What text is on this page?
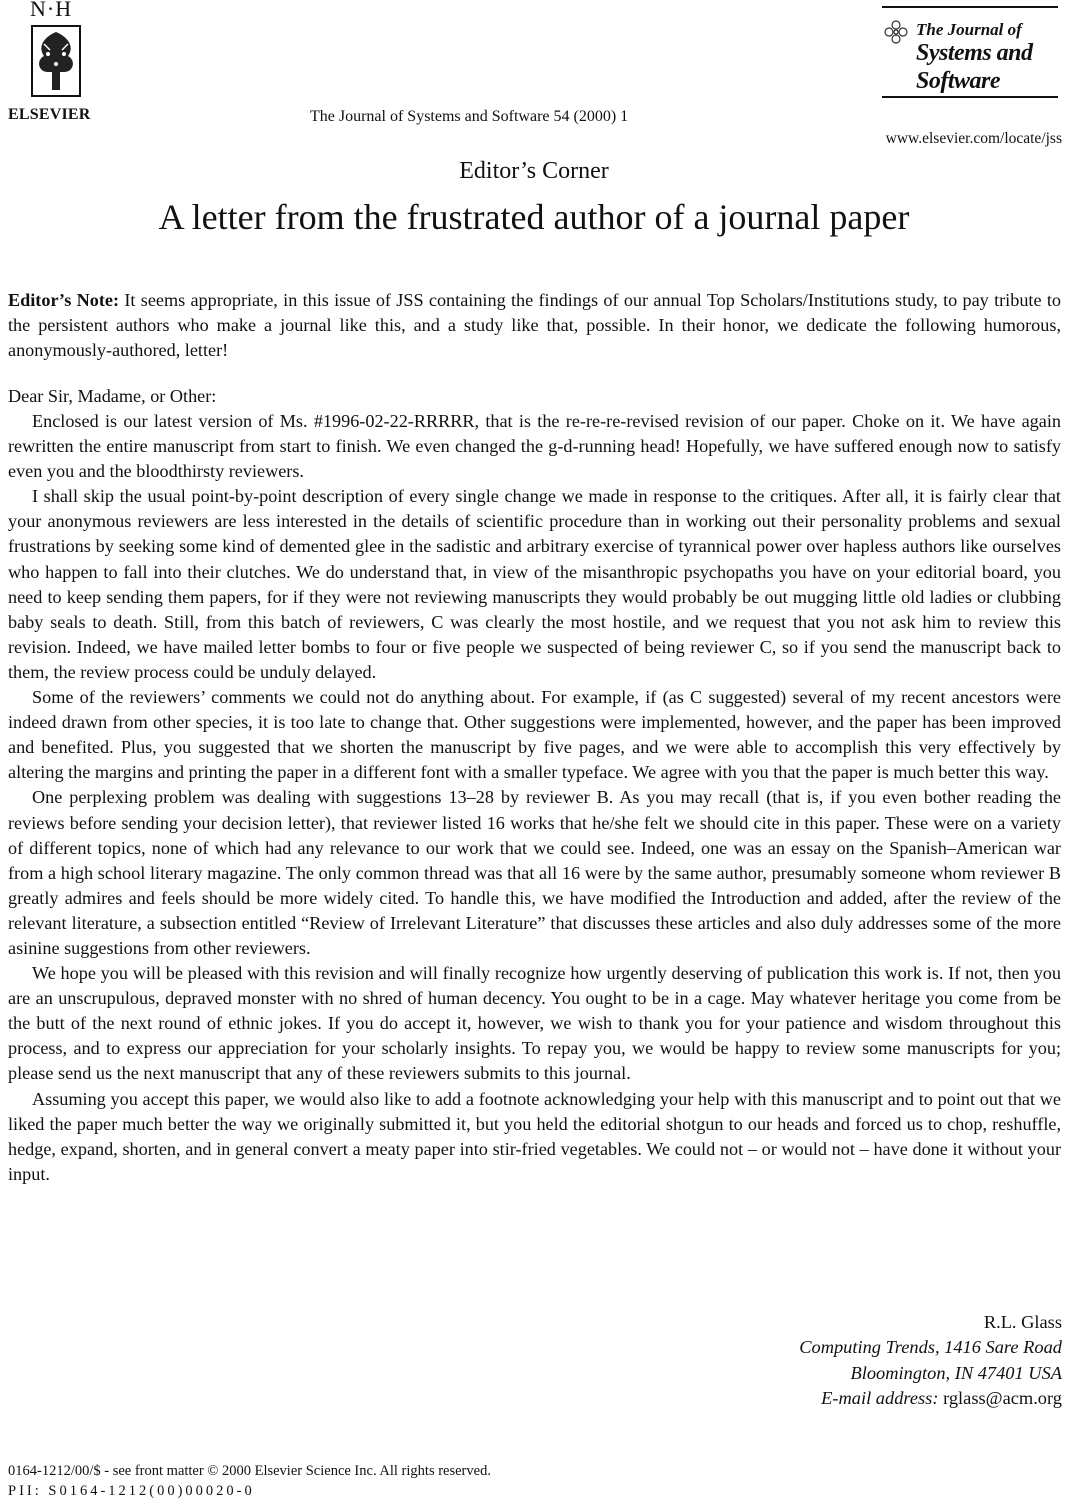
N·H
ELSEVIER	The Journal of Systems and Software 54 (2000) 1
The Journal of
Systems and
Software
www.elsevier.com/locate/jss
Editor’s Corner
A letter from the frustrated author of a journal paper
Editor’s Note: It seems appropriate, in this issue of JSS containing the findings of our annual Top Scholars/Institutions study, to pay tribute to the persistent authors who make a journal like this, and a study like that, possible. In their honor, we dedicate the following humorous, anonymously-authored, letter!
Dear Sir, Madame, or Other:

Enclosed is our latest version of Ms. #1996-02-22-RRRRR, that is the re-re-re-revised revision of our paper. Choke on it. We have again rewritten the entire manuscript from start to finish. We even changed the g-d-running head! Hopefully, we have suffered enough now to satisfy even you and the bloodthirsty reviewers.

I shall skip the usual point-by-point description of every single change we made in response to the critiques. After all, it is fairly clear that your anonymous reviewers are less interested in the details of scientific procedure than in working out their personality problems and sexual frustrations by seeking some kind of demented glee in the sadistic and arbitrary exercise of tyrannical power over hapless authors like ourselves who happen to fall into their clutches. We do understand that, in view of the misanthropic psychopaths you have on your editorial board, you need to keep sending them papers, for if they were not reviewing manuscripts they would probably be out mugging little old ladies or clubbing baby seals to death. Still, from this batch of reviewers, C was clearly the most hostile, and we request that you not ask him to review this revision. Indeed, we have mailed letter bombs to four or five people we suspected of being reviewer C, so if you send the manuscript back to them, the review process could be unduly delayed.

Some of the reviewers’ comments we could not do anything about. For example, if (as C suggested) several of my recent ancestors were indeed drawn from other species, it is too late to change that. Other suggestions were implemented, however, and the paper has been improved and benefited. Plus, you suggested that we shorten the manuscript by five pages, and we were able to accomplish this very effectively by altering the margins and printing the paper in a different font with a smaller typeface. We agree with you that the paper is much better this way.

One perplexing problem was dealing with suggestions 13–28 by reviewer B. As you may recall (that is, if you even bother reading the reviews before sending your decision letter), that reviewer listed 16 works that he/she felt we should cite in this paper. These were on a variety of different topics, none of which had any relevance to our work that we could see. Indeed, one was an essay on the Spanish–American war from a high school literary magazine. The only common thread was that all 16 were by the same author, presumably someone whom reviewer B greatly admires and feels should be more widely cited. To handle this, we have modified the Introduction and added, after the review of the relevant literature, a subsection entitled “Review of Irrelevant Literature” that discusses these articles and also duly addresses some of the more asinine suggestions from other reviewers.

We hope you will be pleased with this revision and will finally recognize how urgently deserving of publication this work is. If not, then you are an unscrupulous, depraved monster with no shred of human decency. You ought to be in a cage. May whatever heritage you come from be the butt of the next round of ethnic jokes. If you do accept it, however, we wish to thank you for your patience and wisdom throughout this process, and to express our appreciation for your scholarly insights. To repay you, we would be happy to review some manuscripts for you; please send us the next manuscript that any of these reviewers submits to this journal.

Assuming you accept this paper, we would also like to add a footnote acknowledging your help with this manuscript and to point out that we liked the paper much better the way we originally submitted it, but you held the editorial shotgun to our heads and forced us to chop, reshuffle, hedge, expand, shorten, and in general convert a meaty paper into stir-fried vegetables. We could not – or would not – have done it without your input.

R.L. Glass
Computing Trends, 1416 Sare Road
Bloomington, IN 47401 USA
E-mail address: rglass@acm.org
0164-1212/00/$ - see front matter © 2000 Elsevier Science Inc. All rights reserved.
PII: S0164-1212(00)00020-0
